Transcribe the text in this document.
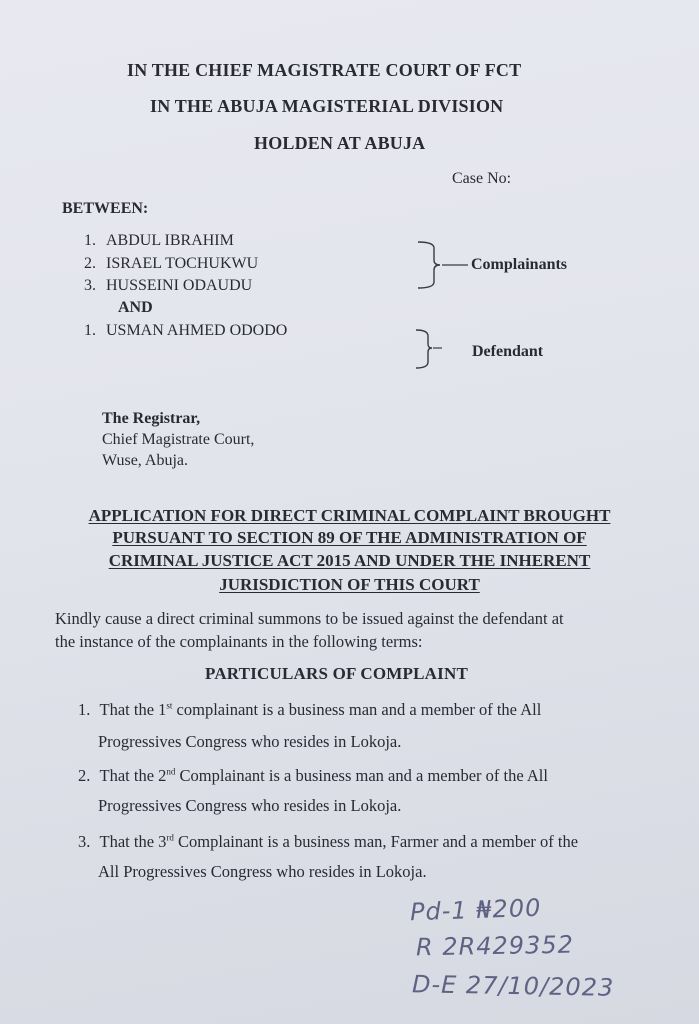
IN THE CHIEF MAGISTRATE COURT OF FCT
IN THE ABUJA MAGISTERIAL DIVISION
HOLDEN AT ABUJA
Case No:
BETWEEN:
1. ABDUL IBRAHIM
2. ISRAEL TOCHUKWU
3. HUSSEINI ODAUDU
Complainants
AND
1. USMAN AHMED ODODO
Defendant
The Registrar,
Chief Magistrate Court,
Wuse, Abuja.
APPLICATION FOR DIRECT CRIMINAL COMPLAINT BROUGHT
PURSUANT TO SECTION 89 OF THE ADMINISTRATION OF
CRIMINAL JUSTICE ACT 2015 AND UNDER THE INHERENT
JURISDICTION OF THIS COURT
Kindly cause a direct criminal summons to be issued against the defendant at
the instance of the complainants in the following terms:
PARTICULARS OF COMPLAINT
1. That the 1st complainant is a business man and a member of the All
Progressives Congress who resides in Lokoja.
2. That the 2nd Complainant is a business man and a member of the All
Progressives Congress who resides in Lokoja.
3. That the 3rd Complainant is a business man, Farmer and a member of the
All Progressives Congress who resides in Lokoja.
Pd-1 ₦200
R 2R429352
D-E 27/10/2023
